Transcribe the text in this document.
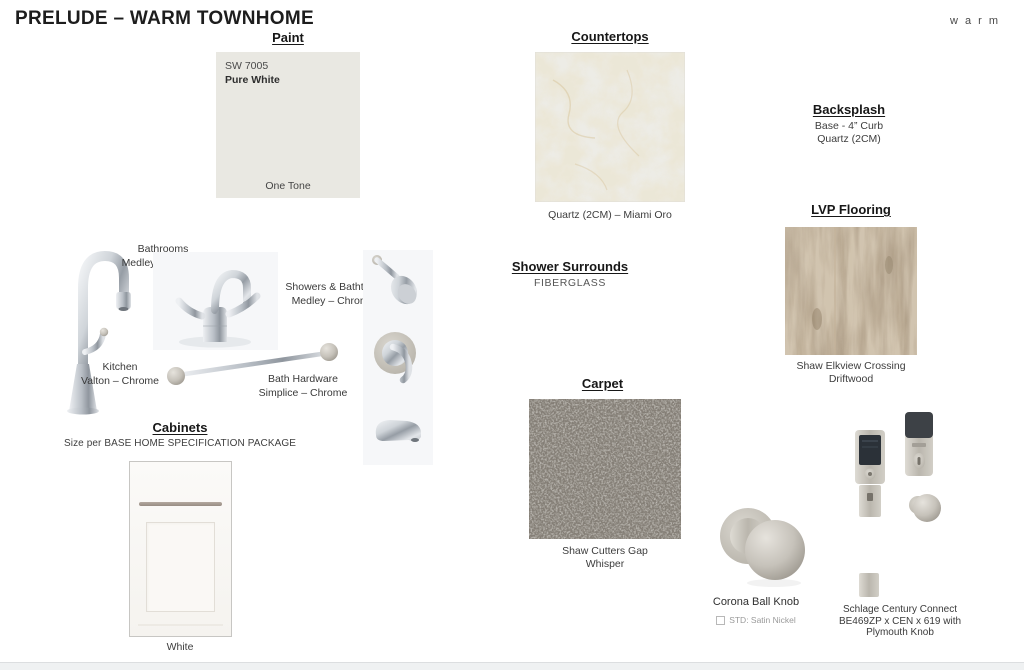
PRELUDE – WARM TOWNHOME	w a r m
Paint
SW 7005
Pure White
One Tone
Countertops
Quartz (2CM) – Miami Oro
Backsplash
Base - 4” Curb
Quartz (2CM)
LVP Flooring
Shaw Elkview Crossing
Driftwood
Bathrooms
Medley – Chrome
Showers & Bathtubs
Medley – Chrome
Kitchen
Valton – Chrome	Bath Hardware
Simplice – Chrome
Shower Surrounds
FIBERGLASS
Carpet
Shaw Cutters Gap
Whisper
Cabinets
Size per BASE HOME SPECIFICATION PACKAGE
White
Corona Ball Knob
STD: Satin Nickel
Schlage Century Connect
BE469ZP x CEN x 619 with
Plymouth Knob
